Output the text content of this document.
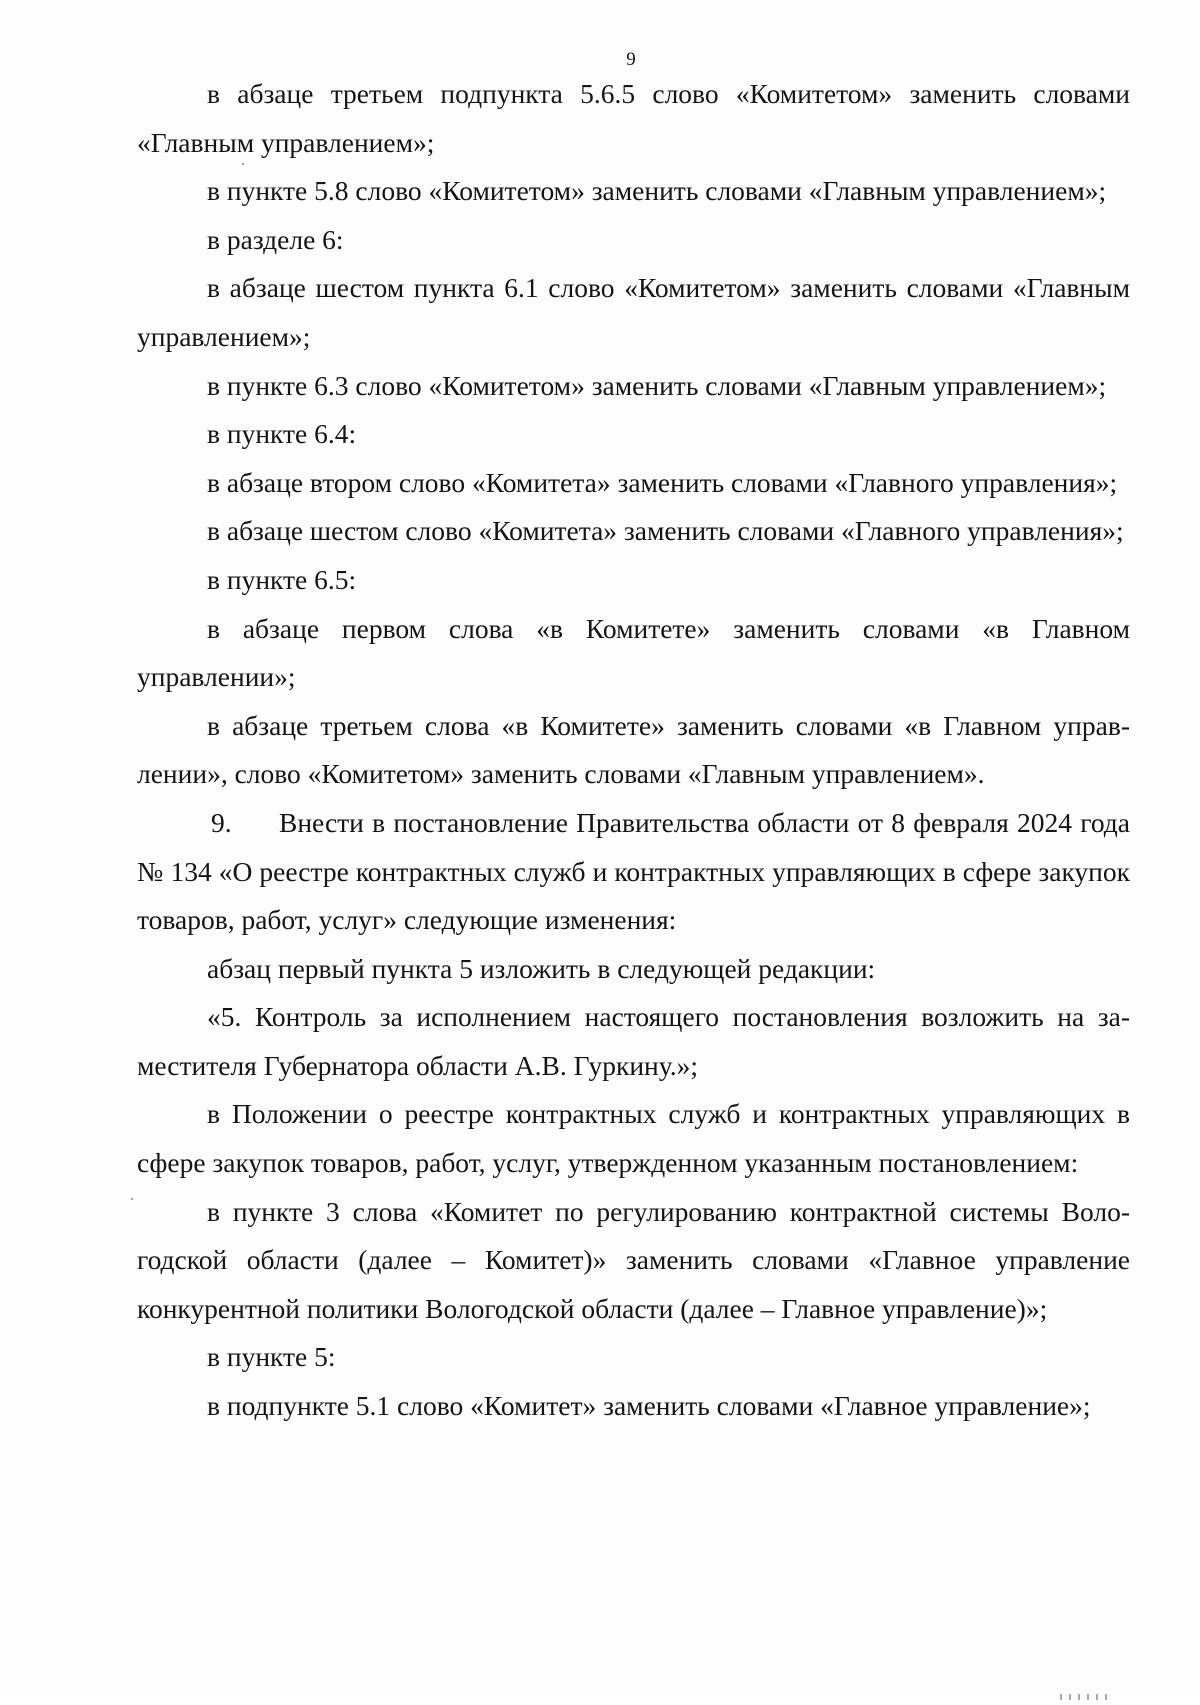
9

в абзаце третьем подпункта 5.6.5 слово «Комитетом» заменить словами «Главным управлением»;

в пункте 5.8 слово «Комитетом» заменить словами «Главным управлением»;

в разделе 6:

в абзаце шестом пункта 6.1 слово «Комитетом» заменить словами «Главным управлением»;

в пункте 6.3 слово «Комитетом» заменить словами «Главным управлением»;

в пункте 6.4:

в абзаце втором слово «Комитета» заменить словами «Главного управления»;

в абзаце шестом слово «Комитета» заменить словами «Главного управления»;

в пункте 6.5:

в абзаце первом слова «в Комитете» заменить словами «в Главном управлении»;

в абзаце третьем слова «в Комитете» заменить словами «в Главном управлении», слово «Комитетом» заменить словами «Главным управлением».

9. Внести в постановление Правительства области от 8 февраля 2024 года № 134 «О реестре контрактных служб и контрактных управляющих в сфере закупок товаров, работ, услуг» следующие изменения:

абзац первый пункта 5 изложить в следующей редакции:

«5. Контроль за исполнением настоящего постановления возложить на заместителя Губернатора области А.В. Гуркину.»;

в Положении о реестре контрактных служб и контрактных управляющих в сфере закупок товаров, работ, услуг, утвержденном указанным постановлением:

в пункте 3 слова «Комитет по регулированию контрактной системы Вологодской области (далее – Комитет)» заменить словами «Главное управление конкурентной политики Вологодской области (далее – Главное управление)»;

в пункте 5:

в подпункте 5.1 слово «Комитет» заменить словами «Главное управление»;
